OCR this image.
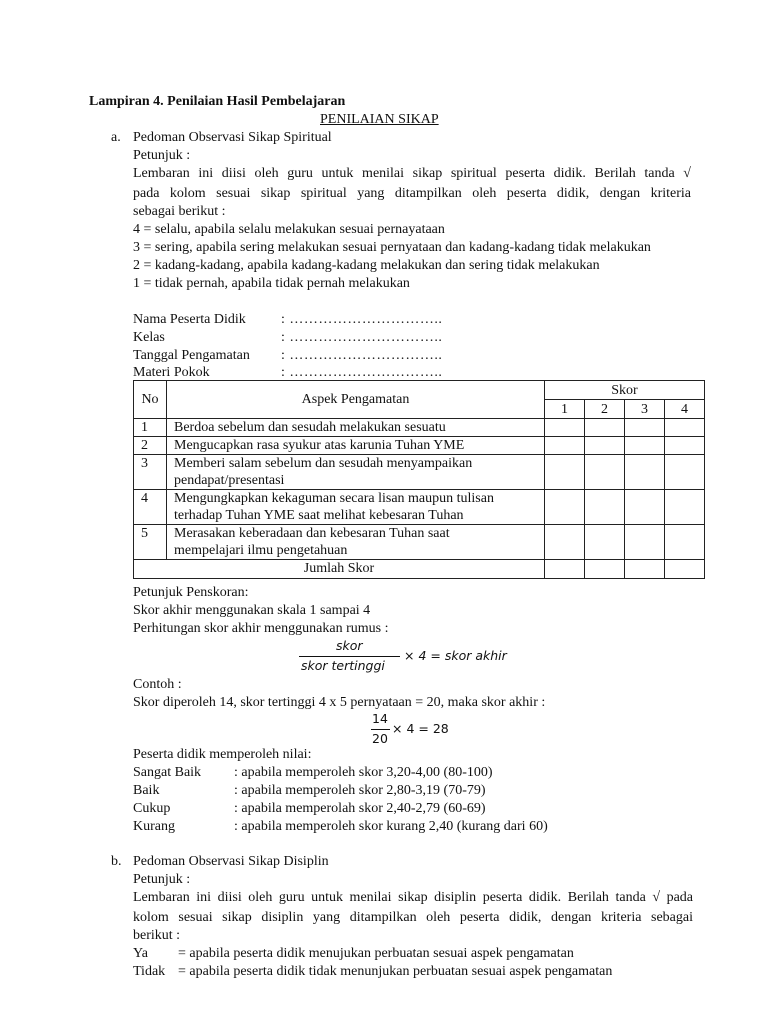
Lampiran 4. Penilaian Hasil Pembelajaran
PENILAIAN SIKAP
a. Pedoman Observasi Sikap Spiritual
Petunjuk :
Lembaran ini diisi oleh guru untuk menilai sikap spiritual peserta didik. Berilah tanda √
pada kolom sesuai sikap spiritual yang ditampilkan oleh peserta didik, dengan kriteria
sebagai berikut :
4 = selalu, apabila selalu melakukan sesuai pernayataan
3 = sering, apabila sering melakukan sesuai pernyataan dan kadang-kadang tidak melakukan
2 = kadang-kadang, apabila kadang-kadang melakukan dan sering tidak melakukan
1 = tidak pernah, apabila tidak pernah melakukan
Nama Peserta Didik	: …………………………..
Kelas	: …………………………..
Tanggal Pengamatan : …………………………..
Materi Pokok	: …………………………..
No	Aspek Pengamatan	Skor			
		1	2	3	4
1	Berdoa sebelum dan sesudah melakukan sesuatu				
2	Mengucapkan rasa syukur atas karunia Tuhan YME				
3	Memberi salam sebelum dan sesudah menyampaikan
pendapat/presentasi				
4	Mengungkapkan kekaguman secara lisan maupun tulisan
terhadap Tuhan YME saat melihat kebesaran Tuhan				
5	Merasakan keberadaan dan kebesaran Tuhan saat
mempelajari ilmu pengetahuan				
Jumlah Skor					
Petunjuk Penskoran:
Skor akhir menggunakan skala 1 sampai 4
Perhitungan skor akhir menggunakan rumus :
skor
skor tertinggi
× 4 = skor akhir
Contoh :
Skor diperoleh 14, skor tertinggi 4 x 5 pernyataan = 20, maka skor akhir :
14
20
× 4 = 28
Peserta didik memperoleh nilai:
Sangat Baik : apabila memperoleh skor 3,20-4,00 (80-100)
Baik	: apabila memperoleh skor 2,80-3,19 (70-79)
Cukup	: apabila memperolah skor 2,40-2,79 (60-69)
Kurang	: apabila memperoleh skor kurang 2,40 (kurang dari 60)
b. Pedoman Observasi Sikap Disiplin
Petunjuk :
Lembaran ini diisi oleh guru untuk menilai sikap disiplin peserta didik. Berilah tanda √ pada
kolom sesuai sikap disiplin yang ditampilkan oleh peserta didik, dengan kriteria sebagai
berikut :
Ya = apabila peserta didik menujukan perbuatan sesuai aspek pengamatan
Tidak = apabila peserta didik tidak menunjukan perbuatan sesuai aspek pengamatan
